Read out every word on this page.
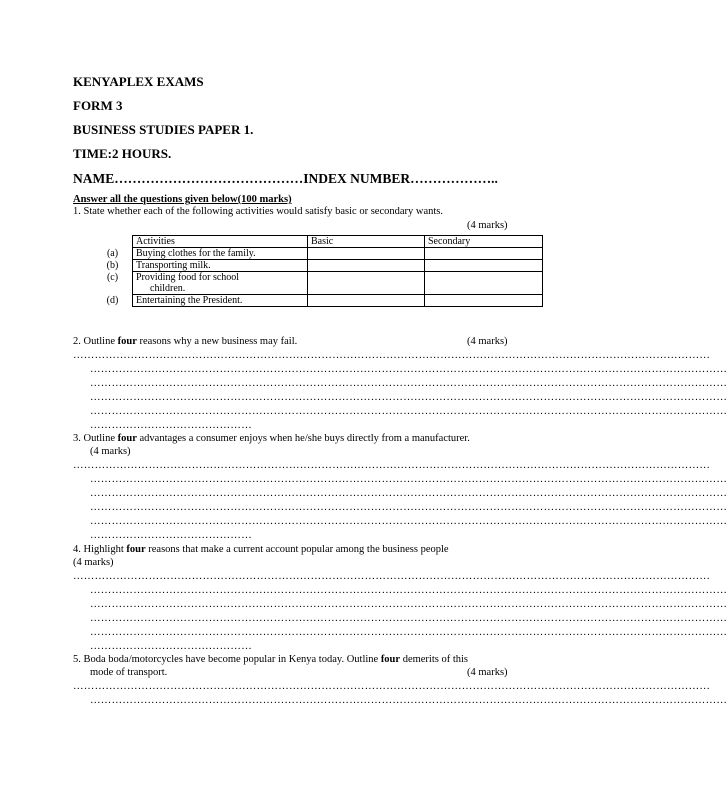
KENYAPLEX EXAMS
FORM 3
BUSINESS STUDIES PAPER 1.
TIME:2 HOURS.
NAME……………………………………INDEX NUMBER………………..
Answer all the questions given below(100 marks)
1. State whether each of the following activities would satisfy basic or secondary wants.
(4 marks)
	Activities	Basic	Secondary
(a)	Buying clothes for the family.		
(b)	Transporting milk.		
(c)	Providing food for school
children.		

(d)	Entertaining the President.		
2. Outline four reasons why a new business may fail.	(4 marks)
……………………………………………………………………………………………………………………………………………………………
……………………………………………………………………………………………………………………………………………………………
……………………………………………………………………………………………………………………………………………………………
……………………………………………………………………………………………………………………………………………………………
……………………………………………………………………………………………………………………………………………………………
………………………………………
3. Outline four advantages a consumer enjoys when he/she buys directly from a manufacturer.
(4 marks)
……………………………………………………………………………………………………………………………………………………………
……………………………………………………………………………………………………………………………………………………………
……………………………………………………………………………………………………………………………………………………………
……………………………………………………………………………………………………………………………………………………………
……………………………………………………………………………………………………………………………………………………………
………………………………………
4. Highlight four reasons that make a current account popular among the business people
(4 marks)
……………………………………………………………………………………………………………………………………………………………
……………………………………………………………………………………………………………………………………………………………
……………………………………………………………………………………………………………………………………………………………
……………………………………………………………………………………………………………………………………………………………
……………………………………………………………………………………………………………………………………………………………
………………………………………
5. Boda boda/motorcycles have become popular in Kenya today. Outline four demerits of this
mode of transport.	(4 marks)
……………………………………………………………………………………………………………………………………………………………
……………………………………………………………………………………………………………………………………………………………
